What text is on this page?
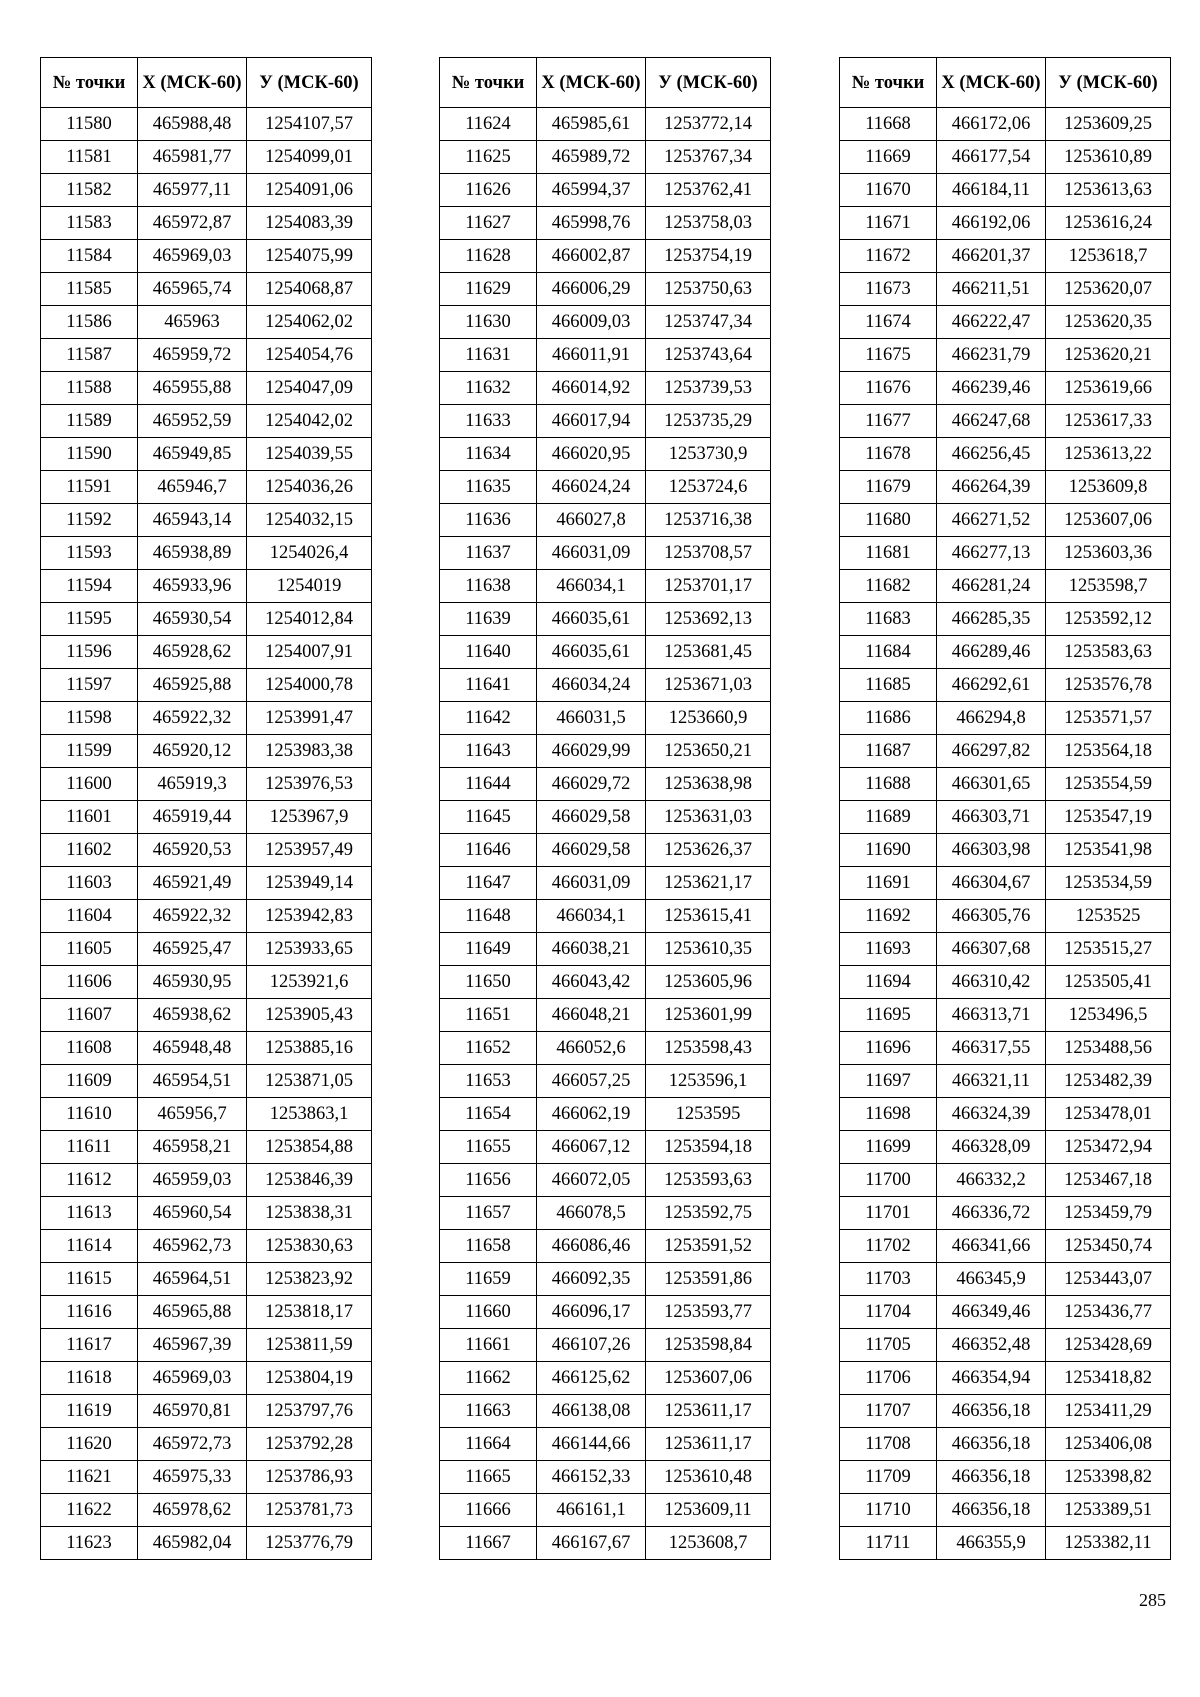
№ точки	Х (МСК-60)	У (МСК-60)
11580	465988,48	1254107,57
11581	465981,77	1254099,01
11582	465977,11	1254091,06
11583	465972,87	1254083,39
11584	465969,03	1254075,99
11585	465965,74	1254068,87
11586	465963	1254062,02
11587	465959,72	1254054,76
11588	465955,88	1254047,09
11589	465952,59	1254042,02
11590	465949,85	1254039,55
11591	465946,7	1254036,26
11592	465943,14	1254032,15
11593	465938,89	1254026,4
11594	465933,96	1254019
11595	465930,54	1254012,84
11596	465928,62	1254007,91
11597	465925,88	1254000,78
11598	465922,32	1253991,47
11599	465920,12	1253983,38
11600	465919,3	1253976,53
11601	465919,44	1253967,9
11602	465920,53	1253957,49
11603	465921,49	1253949,14
11604	465922,32	1253942,83
11605	465925,47	1253933,65
11606	465930,95	1253921,6
11607	465938,62	1253905,43
11608	465948,48	1253885,16
11609	465954,51	1253871,05
11610	465956,7	1253863,1
11611	465958,21	1253854,88
11612	465959,03	1253846,39
11613	465960,54	1253838,31
11614	465962,73	1253830,63
11615	465964,51	1253823,92
11616	465965,88	1253818,17
11617	465967,39	1253811,59
11618	465969,03	1253804,19
11619	465970,81	1253797,76
11620	465972,73	1253792,28
11621	465975,33	1253786,93
11622	465978,62	1253781,73
11623	465982,04	1253776,79
№ точки	Х (МСК-60)	У (МСК-60)
11624	465985,61	1253772,14
11625	465989,72	1253767,34
11626	465994,37	1253762,41
11627	465998,76	1253758,03
11628	466002,87	1253754,19
11629	466006,29	1253750,63
11630	466009,03	1253747,34
11631	466011,91	1253743,64
11632	466014,92	1253739,53
11633	466017,94	1253735,29
11634	466020,95	1253730,9
11635	466024,24	1253724,6
11636	466027,8	1253716,38
11637	466031,09	1253708,57
11638	466034,1	1253701,17
11639	466035,61	1253692,13
11640	466035,61	1253681,45
11641	466034,24	1253671,03
11642	466031,5	1253660,9
11643	466029,99	1253650,21
11644	466029,72	1253638,98
11645	466029,58	1253631,03
11646	466029,58	1253626,37
11647	466031,09	1253621,17
11648	466034,1	1253615,41
11649	466038,21	1253610,35
11650	466043,42	1253605,96
11651	466048,21	1253601,99
11652	466052,6	1253598,43
11653	466057,25	1253596,1
11654	466062,19	1253595
11655	466067,12	1253594,18
11656	466072,05	1253593,63
11657	466078,5	1253592,75
11658	466086,46	1253591,52
11659	466092,35	1253591,86
11660	466096,17	1253593,77
11661	466107,26	1253598,84
11662	466125,62	1253607,06
11663	466138,08	1253611,17
11664	466144,66	1253611,17
11665	466152,33	1253610,48
11666	466161,1	1253609,11
11667	466167,67	1253608,7
№ точки	Х (МСК-60)	У (МСК-60)
11668	466172,06	1253609,25
11669	466177,54	1253610,89
11670	466184,11	1253613,63
11671	466192,06	1253616,24
11672	466201,37	1253618,7
11673	466211,51	1253620,07
11674	466222,47	1253620,35
11675	466231,79	1253620,21
11676	466239,46	1253619,66
11677	466247,68	1253617,33
11678	466256,45	1253613,22
11679	466264,39	1253609,8
11680	466271,52	1253607,06
11681	466277,13	1253603,36
11682	466281,24	1253598,7
11683	466285,35	1253592,12
11684	466289,46	1253583,63
11685	466292,61	1253576,78
11686	466294,8	1253571,57
11687	466297,82	1253564,18
11688	466301,65	1253554,59
11689	466303,71	1253547,19
11690	466303,98	1253541,98
11691	466304,67	1253534,59
11692	466305,76	1253525
11693	466307,68	1253515,27
11694	466310,42	1253505,41
11695	466313,71	1253496,5
11696	466317,55	1253488,56
11697	466321,11	1253482,39
11698	466324,39	1253478,01
11699	466328,09	1253472,94
11700	466332,2	1253467,18
11701	466336,72	1253459,79
11702	466341,66	1253450,74
11703	466345,9	1253443,07
11704	466349,46	1253436,77
11705	466352,48	1253428,69
11706	466354,94	1253418,82
11707	466356,18	1253411,29
11708	466356,18	1253406,08
11709	466356,18	1253398,82
11710	466356,18	1253389,51
11711	466355,9	1253382,11
285
